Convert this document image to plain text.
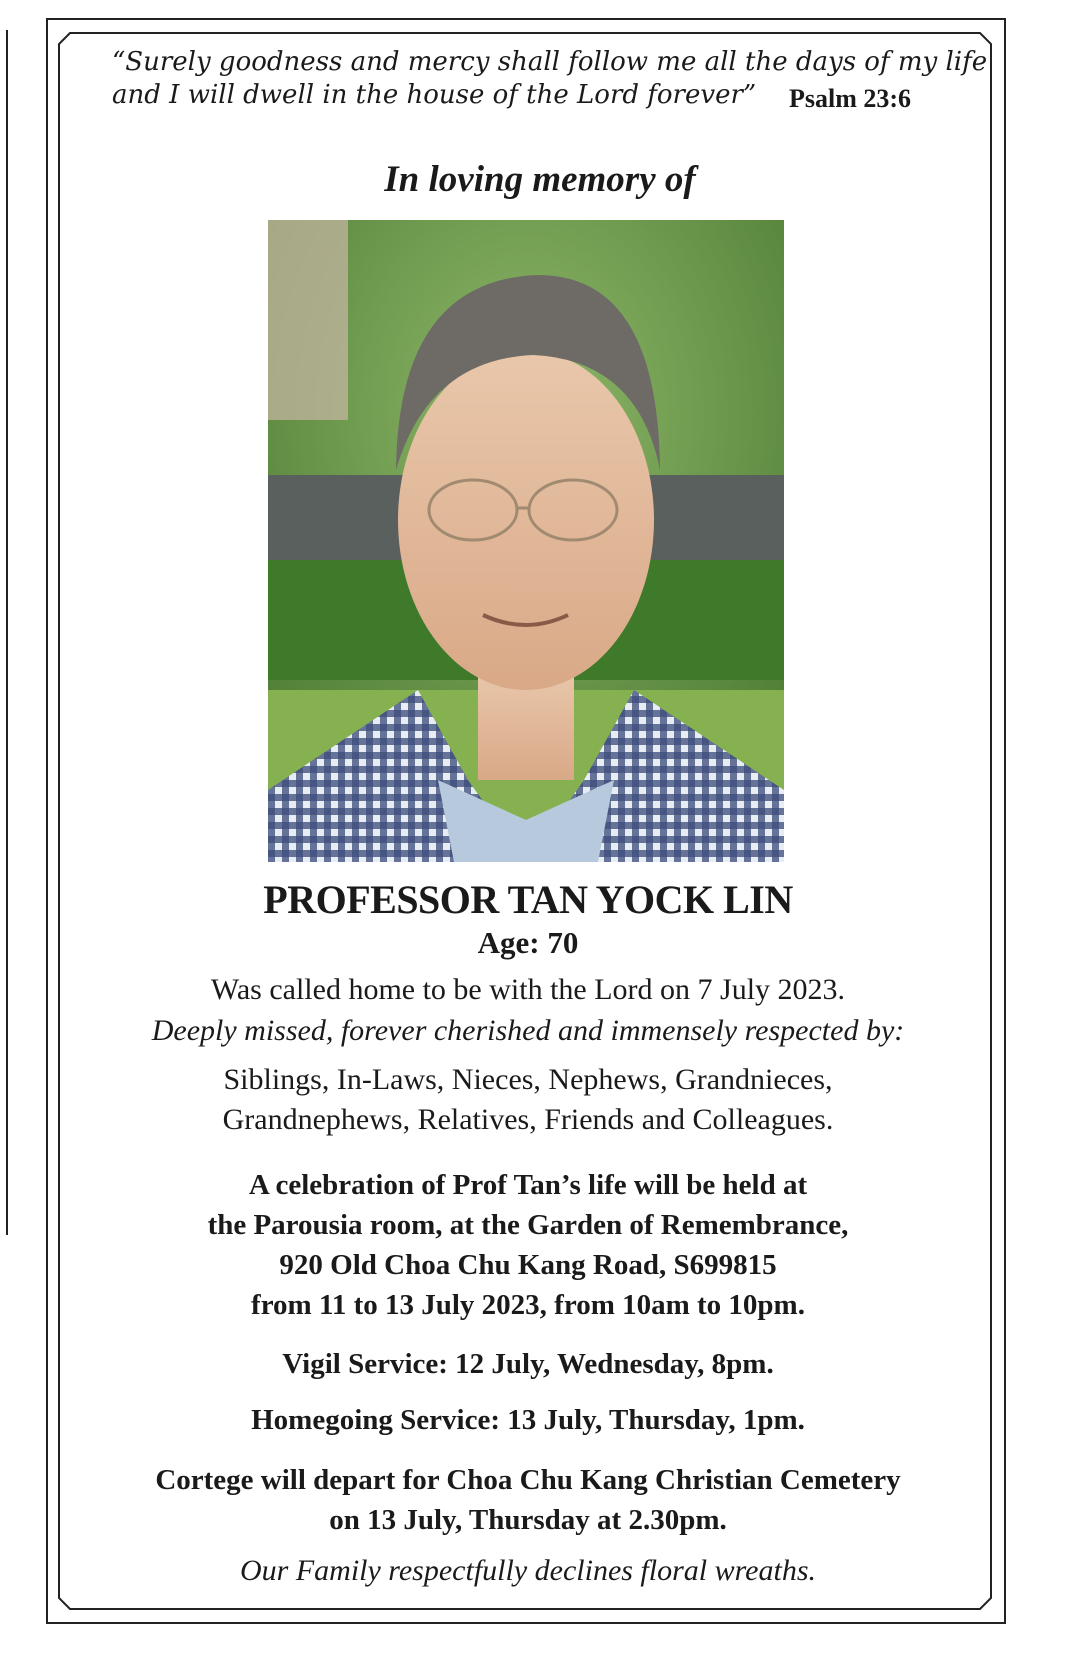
“Surely goodness and mercy shall follow me all the days of my life
and I will dwell in the house of the Lord forever”	Psalm 23:6
In loving memory of
PROFESSOR TAN YOCK LIN
Age: 70
Was called home to be with the Lord on 7 July 2023.
Deeply missed, forever cherished and immensely respected by:
Siblings, In-Laws, Nieces, Nephews, Grandnieces,
Grandnephews, Relatives, Friends and Colleagues.
A celebration of Prof Tan’s life will be held at
the Parousia room, at the Garden of Remembrance,
920 Old Choa Chu Kang Road, S699815
from 11 to 13 July 2023, from 10am to 10pm.
Vigil Service: 12 July, Wednesday, 8pm.
Homegoing Service: 13 July, Thursday, 1pm.
Cortege will depart for Choa Chu Kang Christian Cemetery
on 13 July, Thursday at 2.30pm.
Our Family respectfully declines floral wreaths.
